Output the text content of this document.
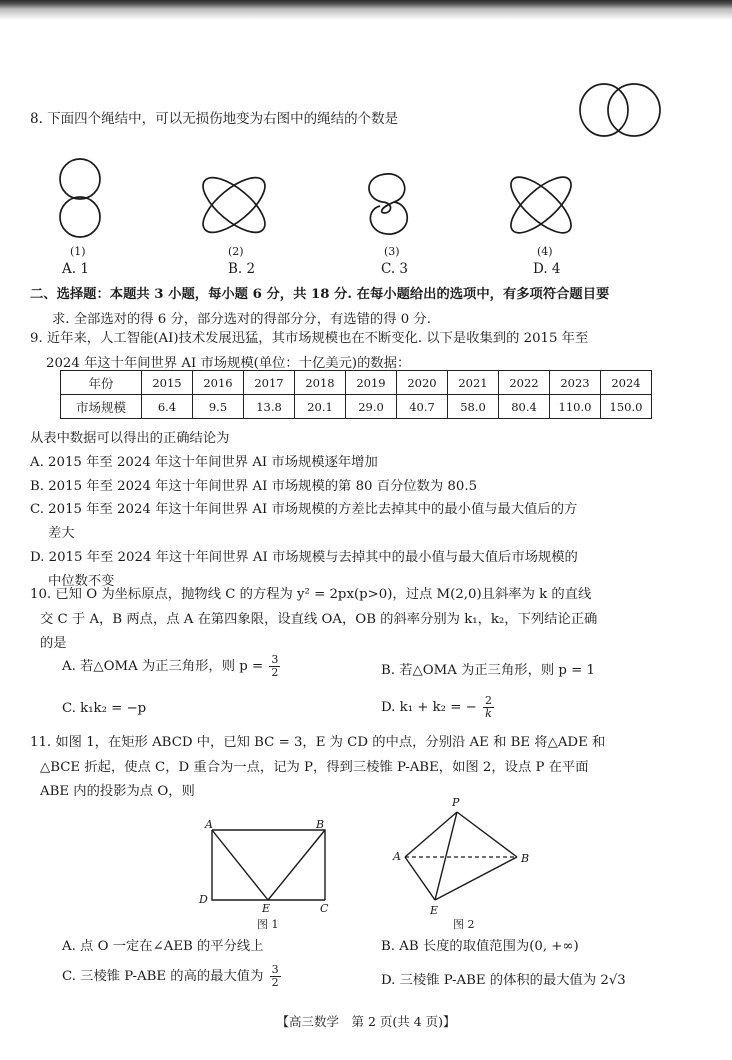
8. 下面四个绳结中，可以无损伤地变为右图中的绳结的个数是
(1)	(2)	(3)	(4)
A. 1	B. 2	C. 3	D. 4
二、选择题：本题共 3 小题，每小题 6 分，共 18 分. 在每小题给出的选项中，有多项符合题目要
求. 全部选对的得 6 分，部分选对的得部分分，有选错的得 0 分.
9. 近年来，人工智能(AI)技术发展迅猛，其市场规模也在不断变化. 以下是收集到的 2015 年至
2024 年这十年间世界 AI 市场规模(单位：十亿美元)的数据：
年份	2015	2016	2017	2018	2019	2020	2021	2022	2023	2024
市场规模	6.4	9.5	13.8	20.1	29.0	40.7	58.0	80.4	110.0	150.0
从表中数据可以得出的正确结论为
A. 2015 年至 2024 年这十年间世界 AI 市场规模逐年增加
B. 2015 年至 2024 年这十年间世界 AI 市场规模的第 80 百分位数为 80.5
C. 2015 年至 2024 年这十年间世界 AI 市场规模的方差比去掉其中的最小值与最大值后的方
差大
D. 2015 年至 2024 年这十年间世界 AI 市场规模与去掉其中的最小值与最大值后市场规模的
中位数不变
10. 已知 O 为坐标原点，抛物线 C 的方程为 y² = 2px(p>0)，过点 M(2,0)且斜率为 k 的直线
交 C 于 A，B 两点，点 A 在第四象限，设直线 OA，OB 的斜率分别为 k₁，k₂，下列结论正确
的是
A. 若△OMA 为正三角形，则 $p = \frac{3}{2}$	B. 若△OMA 为正三角形，则 p = 1
C. k₁k₂ = −p	D. k₁ + k₂ = − $\frac{2}{k}$
11. 如图 1，在矩形 ABCD 中，已知 BC = 3，E 为 CD 的中点，分别沿 AE 和 BE 将△ADE 和
△BCE 折起，使点 C，D 重合为一点，记为 P，得到三棱锥 P-ABE，如图 2，设点 P 在平面
ABE 内的投影为点 O，则
A	B
D
C
E
图 1
P
A	B
E
图 2
A. 点 O 一定在∠AEB 的平分线上	B. AB 长度的取值范围为(0, +∞)
C. 三棱锥 P-ABE 的高的最大值为 $\frac{3}{2}$	D. 三棱锥 P-ABE 的体积的最大值为 2√3
【高三数学　第 2 页(共 4 页)】
